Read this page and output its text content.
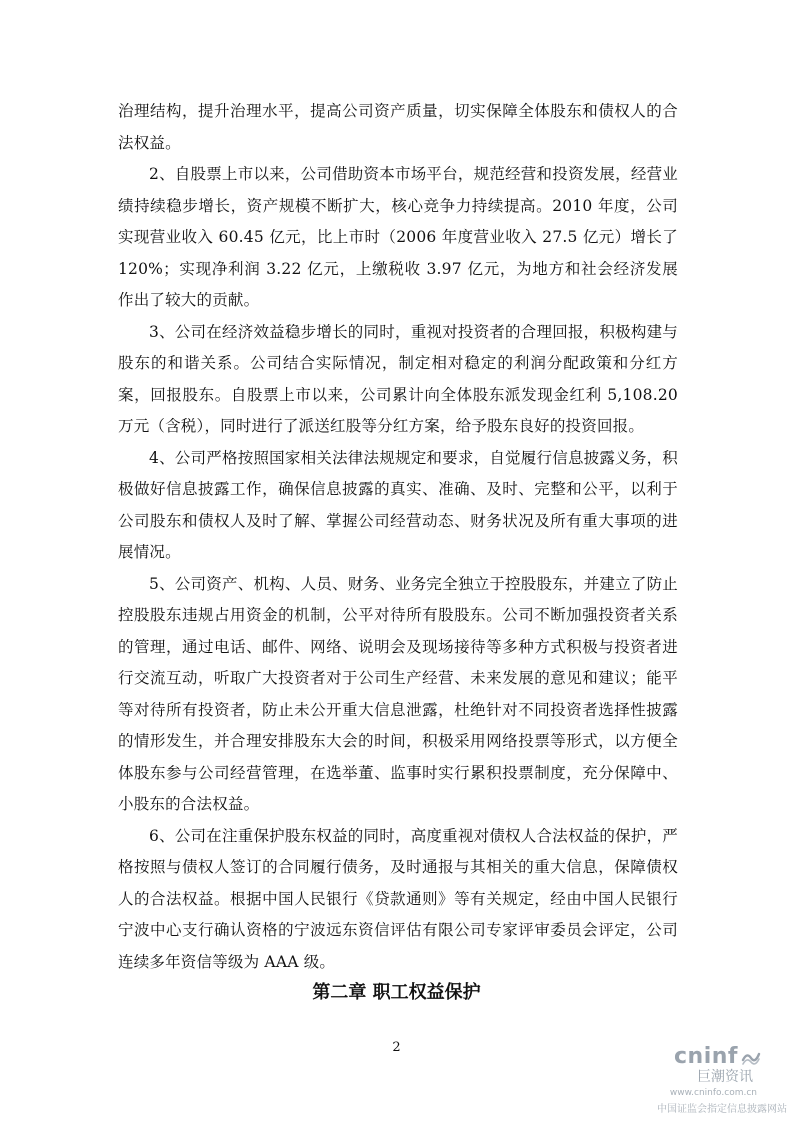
治理结构，提升治理水平，提高公司资产质量，切实保障全体股东和债权人的合法权益。

2、自股票上市以来，公司借助资本市场平台，规范经营和投资发展，经营业绩持续稳步增长，资产规模不断扩大，核心竞争力持续提高。2010 年度，公司实现营业收入 60.45 亿元，比上市时（2006 年度营业收入 27.5 亿元）增长了 120%；实现净利润 3.22 亿元，上缴税收 3.97 亿元，为地方和社会经济发展作出了较大的贡献。

3、公司在经济效益稳步增长的同时，重视对投资者的合理回报，积极构建与股东的和谐关系。公司结合实际情况，制定相对稳定的利润分配政策和分红方案，回报股东。自股票上市以来，公司累计向全体股东派发现金红利 5,108.20 万元（含税），同时进行了派送红股等分红方案，给予股东良好的投资回报。

4、公司严格按照国家相关法律法规规定和要求，自觉履行信息披露义务，积极做好信息披露工作，确保信息披露的真实、准确、及时、完整和公平，以利于公司股东和债权人及时了解、掌握公司经营动态、财务状况及所有重大事项的进展情况。

5、公司资产、机构、人员、财务、业务完全独立于控股股东，并建立了防止控股股东违规占用资金的机制，公平对待所有股股东。公司不断加强投资者关系的管理，通过电话、邮件、网络、说明会及现场接待等多种方式积极与投资者进行交流互动，听取广大投资者对于公司生产经营、未来发展的意见和建议；能平等对待所有投资者，防止未公开重大信息泄露，杜绝针对不同投资者选择性披露的情形发生，并合理安排股东大会的时间，积极采用网络投票等形式，以方便全体股东参与公司经营管理，在选举董、监事时实行累积投票制度，充分保障中、小股东的合法权益。

6、公司在注重保护股东权益的同时，高度重视对债权人合法权益的保护，严格按照与债权人签订的合同履行债务，及时通报与其相关的重大信息，保障债权人的合法权益。根据中国人民银行《贷款通则》等有关规定，经由中国人民银行宁波中心支行确认资格的宁波远东资信评估有限公司专家评审委员会评定，公司连续多年资信等级为 AAA 级。

第二章 职工权益保护
2	cninf
巨潮资讯
www.cninfo.com.cn
中国证监会指定信息披露网站
